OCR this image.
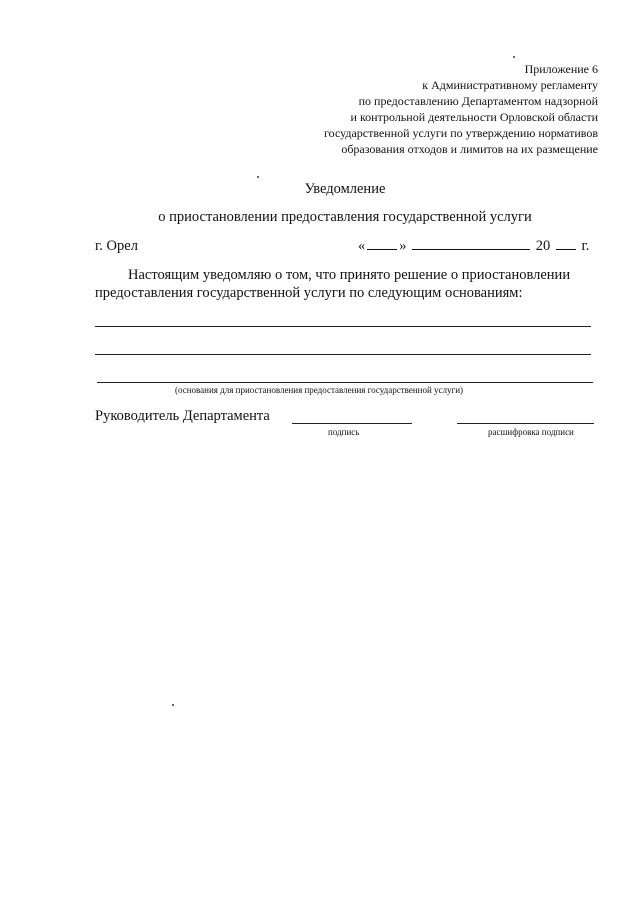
Приложение 6
к Административному регламенту
по предоставлению Департаментом надзорной
и контрольной деятельности Орловской области
государственной услуги по утверждению нормативов
образования отходов и лимитов на их размещение
Уведомление
о приостановлении предоставления государственной услуги
г. Орел	« »	20 г.
Настоящим уведомляю о том, что принято решение о приостановлении
предоставления государственной услуги по следующим основаниям:
(основания для приостановления предоставления государственной услуги)
Руководитель Департамента
подпись	расшифровка подписи
